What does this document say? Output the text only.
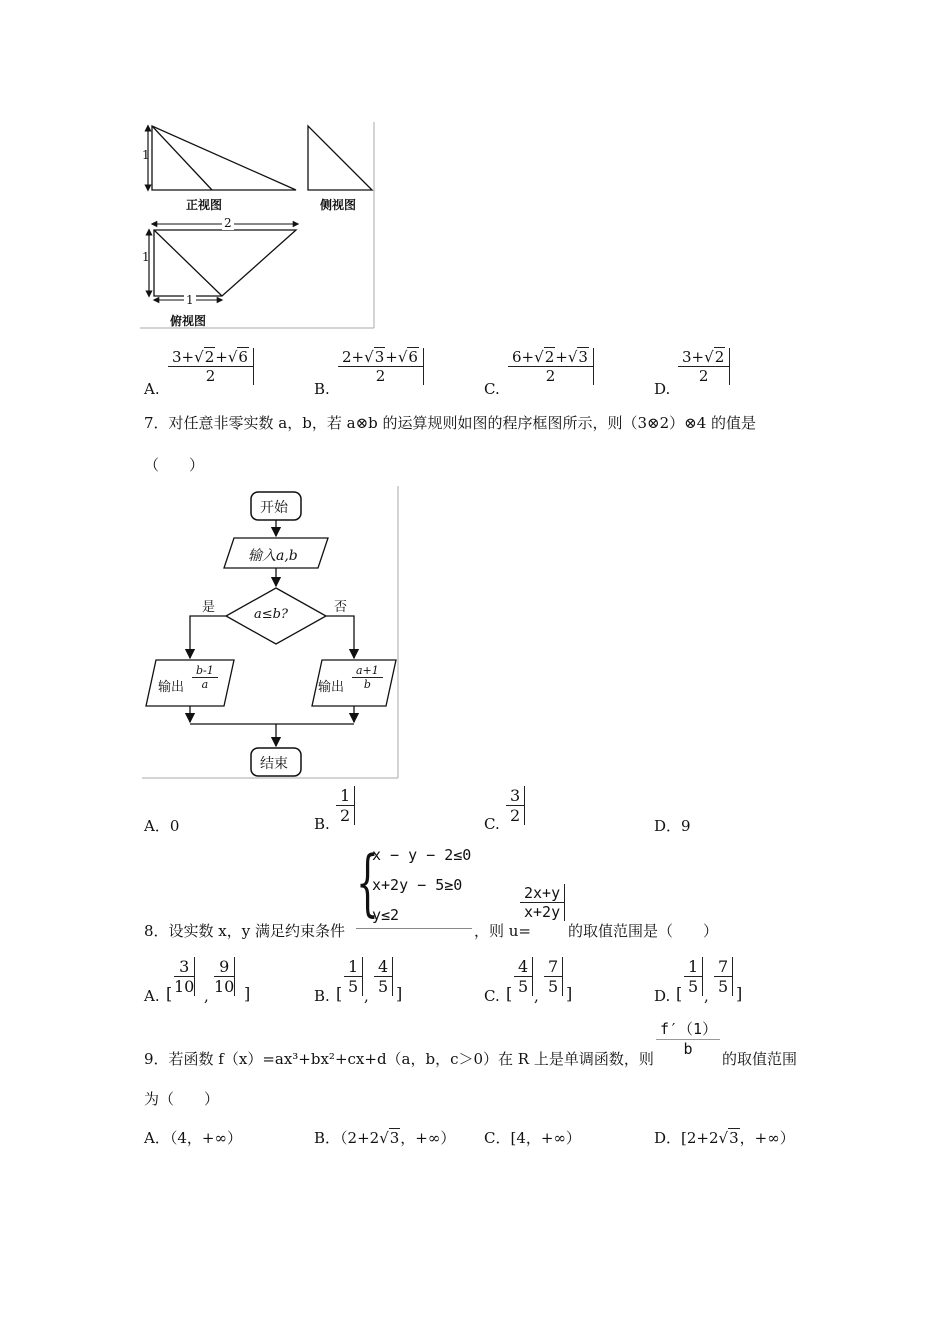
1
正视图	侧视图
2
1
1
俯视图
A.
$\frac{3+√2+√6}{2}$
B.
$\frac{2+√3+√6}{2}$
C.
$\frac{6+√2+√3}{2}$
D.
$\frac{3+√2}{2}$
7．对任意非零实数 a，b，若 a⊗b 的运算规则如图的程序框图所示，则（3⊗2）⊗4 的值是
（　　）
开始
输入a,b
a≤b?
是	否
输出 $\frac{b-1}{a}$	输出 $\frac{a+1}{b}$
结束
A．0	B. $\frac{1}{2}$	C. $\frac{3}{2}$
D．9
8．设实数 x，y 满足约束条件
{
x − y − 2≤0
x+2y − 5≥0
y≤2
，则 u=
$\frac{2x+y}{x+2y}$
的取值范围是（　　）
A. [ $\frac{3}{10}$ , $\frac{9}{10}$ ]	B. [ $\frac{1}{5}$ , $\frac{4}{5}$ ]	C. [ $\frac{4}{5}$ , $\frac{7}{5}$ ]	D. [ $\frac{1}{5}$ , $\frac{7}{5}$ ]
9．若函数 f（x）=ax³+bx²+cx+d（a，b，c＞0）在 R 上是单调函数，则
$\frac{f'(1)}{b}$
的取值范围
为（　　）
A．（4，+∞）	B．（2+2√3，+∞） C．[4，+∞）	D．[2+2√3，+∞）
